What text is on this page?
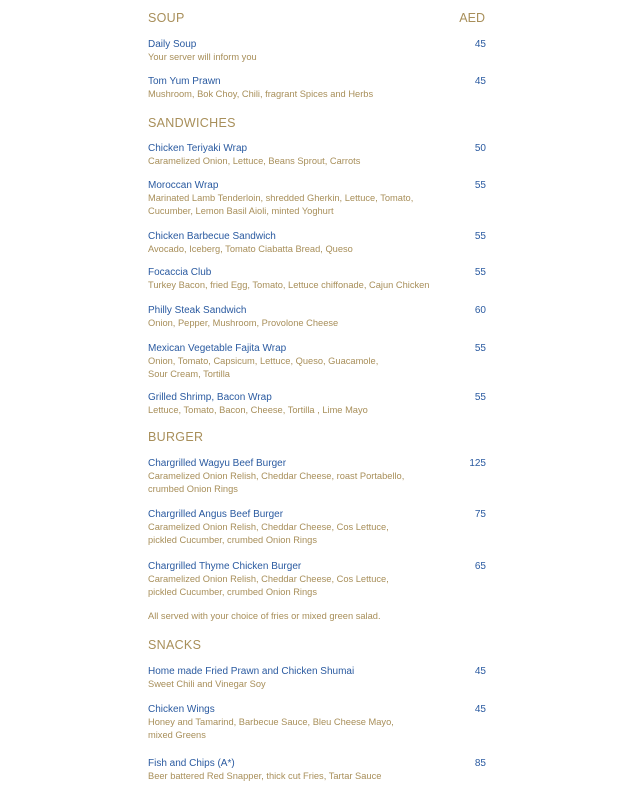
SOUP	AED
Daily Soup
Your server will inform you
45
Tom Yum Prawn
Mushroom, Bok Choy, Chili, fragrant Spices and Herbs
45
SANDWICHES
Chicken Teriyaki Wrap
Caramelized Onion, Lettuce, Beans Sprout, Carrots
50
Moroccan Wrap
Marinated Lamb Tenderloin, shredded Gherkin, Lettuce, Tomato,
Cucumber, Lemon Basil Aioli, minted Yoghurt
55
Chicken Barbecue Sandwich
Avocado, Iceberg, Tomato Ciabatta Bread, Queso
55
Focaccia Club
Turkey Bacon, fried Egg, Tomato, Lettuce chiffonade, Cajun Chicken
55
Philly Steak Sandwich
Onion, Pepper, Mushroom, Provolone Cheese
60
Mexican Vegetable Fajita Wrap
Onion, Tomato, Capsicum, Lettuce, Queso, Guacamole,
Sour Cream, Tortilla
55
Grilled Shrimp, Bacon Wrap
Lettuce, Tomato, Bacon, Cheese, Tortilla , Lime Mayo
55
BURGER
Chargrilled Wagyu Beef Burger
Caramelized Onion Relish, Cheddar Cheese, roast Portabello,
crumbed Onion Rings
125
Chargrilled Angus Beef Burger
Caramelized Onion Relish, Cheddar Cheese, Cos Lettuce,
pickled Cucumber, crumbed Onion Rings
75
Chargrilled Thyme Chicken Burger
Caramelized Onion Relish, Cheddar Cheese, Cos Lettuce,
pickled Cucumber, crumbed Onion Rings
65
All served with your choice of fries or mixed green salad.
SNACKS
Home made Fried Prawn and Chicken Shumai
Sweet Chili and Vinegar Soy
45
Chicken Wings
Honey and Tamarind, Barbecue Sauce, Bleu Cheese Mayo,
mixed Greens
45
Fish and Chips (A*)
Beer battered Red Snapper, thick cut Fries, Tartar Sauce
85
